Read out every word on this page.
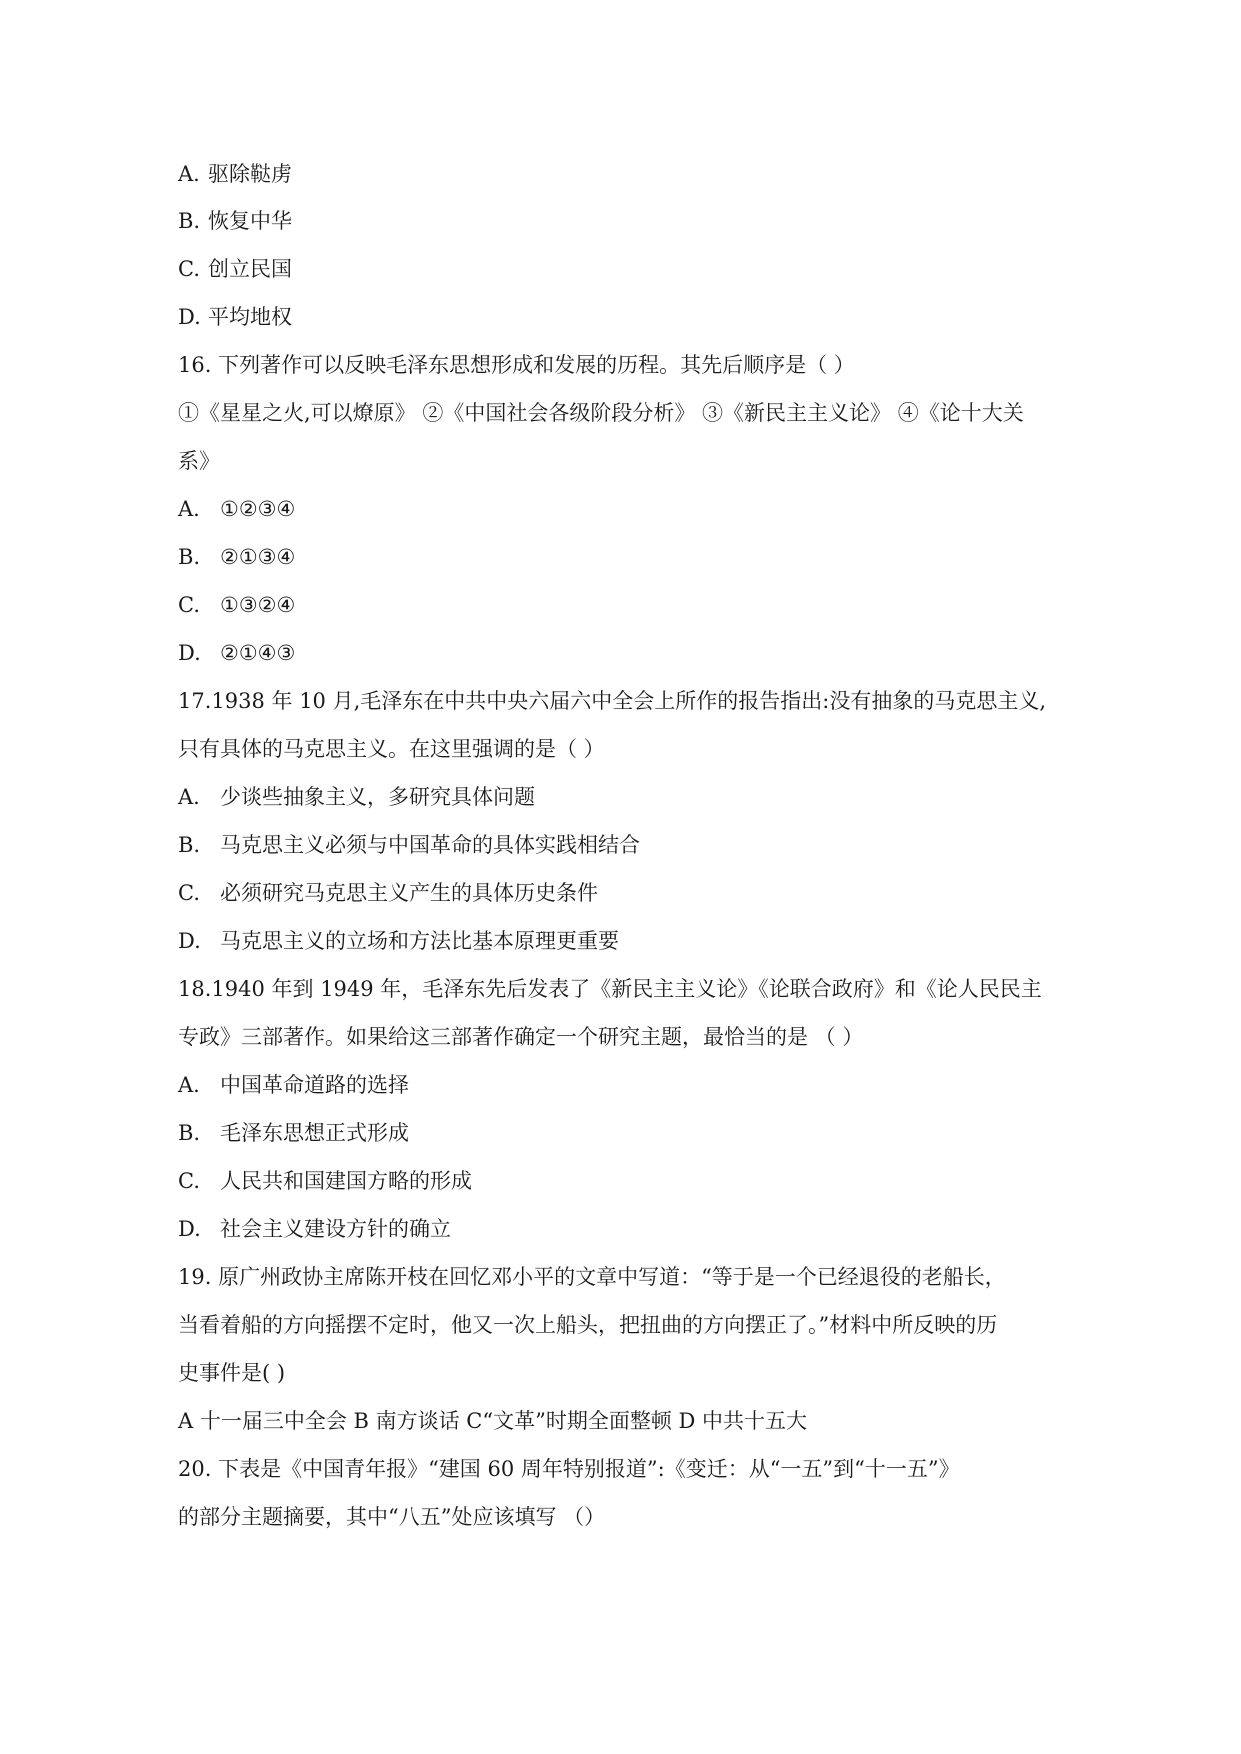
A. 驱除鞑虏
B. 恢复中华
C. 创立民国
D. 平均地权
16. 下列著作可以反映毛泽东思想形成和发展的历程。其先后顺序是（ ）
①《星星之火,可以燎原》 ②《中国社会各级阶段分析》 ③《新民主主义论》 ④《论十大关
系》
A. ①②③④
B. ②①③④
C. ①③②④
D. ②①④③
17.1938 年 10 月,毛泽东在中共中央六届六中全会上所作的报告指出:没有抽象的马克思主义,
只有具体的马克思主义。在这里强调的是（ ）
A. 少谈些抽象主义，多研究具体问题
B. 马克思主义必须与中国革命的具体实践相结合
C. 必须研究马克思主义产生的具体历史条件
D. 马克思主义的立场和方法比基本原理更重要
18.1940 年到 1949 年，毛泽东先后发表了《新民主主义论》《论联合政府》和《论人民民主
专政》三部著作。如果给这三部著作确定一个研究主题，最恰当的是 （ ）
A. 中国革命道路的选择
B. 毛泽东思想正式形成
C. 人民共和国建国方略的形成
D. 社会主义建设方针的确立
19. 原广州政协主席陈开枝在回忆邓小平的文章中写道：“等于是一个已经退役的老船长，
当看着船的方向摇摆不定时，他又一次上船头，把扭曲的方向摆正了。”材料中所反映的历
史事件是( )
A 十一届三中全会 B 南方谈话 C“文革”时期全面整顿 D 中共十五大
20. 下表是《中国青年报》“建国 60 周年特别报道”:《变迁：从“一五”到“十一五”》
的部分主题摘要，其中“八五”处应该填写 （）
